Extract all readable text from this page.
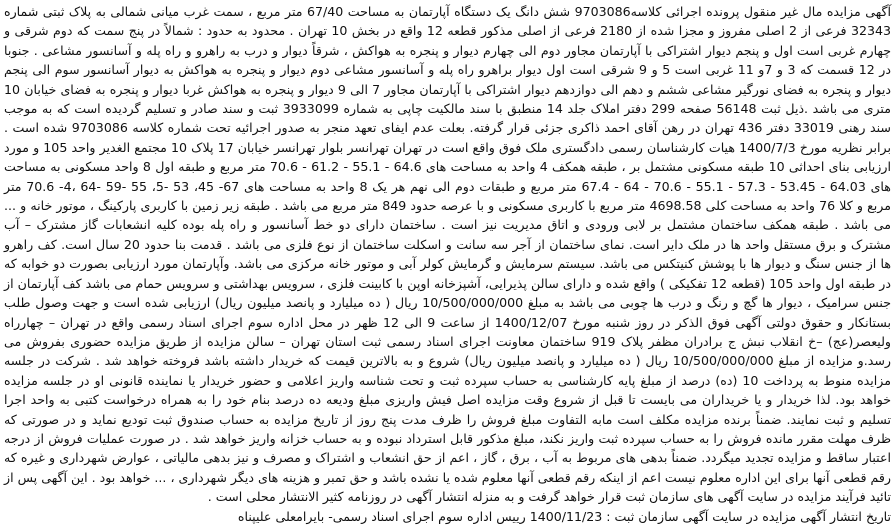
آگهی مزایده مال غیر منقول پرونده اجرائی کلاسه9703086 شش دانگ یک دستگاه آپارتمان به مساحت 67/40 متر مربع ، سمت غرب میانی شمالی به پلاک ثبتی شماره 32343 فرعی از 2 اصلی مفروز و مجزا شده از 2180 فرعی از اصلی مذکور قطعه 12 واقع در بخش 10 تهران . محدود به حدود : شمالاً در پنج سمت که دوم شرقی و چهارم غربی است اول و پنجم دیوار اشتراکی با آپارتمان مجاور دوم الی چهارم دیوار و پنجره به هواکش ، شرقاً دیوار و درب به راهرو و راه پله و آسانسور مشاعی . جنوبا در 12 قسمت که 3 و 7و 11 غربی است 5 و 9 شرقی است اول دیوار براهرو راه پله و آسانسور مشاعی دوم دیوار و پنجره به هواکش به دیوار آسانسور سوم الی پنجم دیوار و پنجره به فضای نورگیر مشاعی ششم و دهم الی دوازدهم دیوار اشتراکی با آپارتمان مجاور 7 الی 9 دیوار و پنجره به هواکش غربا دیوار و پنجره به فضای خیابان 10 متری می باشد .ذیل ثبت 56148 صفحه 299 دفتر املاک جلد 14 منطبق با سند مالکیت چاپی به شماره 3933099 ثبت و سند صادر و تسلیم گردیده است که به موجب سند رهنی 33019 دفتر 436 تهران در رهن آقای احمد ذاکری جزئی قرار گرفته. بعلت عدم ایفای تعهد منجر به صدور اجرائیه تحت شماره کلاسه 9703086 شده است . برابر نظریه مورخ 1400/7/3 هیات کارشناسان رسمی دادگستری ملک فوق واقع است در تهران تهرانسر بلوار تهرانسر خیابان 17 پلاک 10 مجتمع الغدیر واحد 105 و مورد ارزیابی بنای احداثی 10 طبقه مسکونی مشتمل بر ، طبقه همکف 4 واحد به مساحت های 64.6 - 55.1 - 61.2 - 70.6 متر مربع و طبقه اول 8 واحد مسکونی به مساحت های 64.03 - 53.45 - 57.3 - 55.1 - 70.6 - 64 - 67.4 متر مربع و طبقات دوم الی نهم هر یک 8 واحد به مساحت های 67- 45، 53 -5، 55 -59 -64 ،4- 70.6 متر مربع و کلا 76 واحد به مساحت کلی 4698.58 متر مربع با کاربری مسکونی و با عرصه حدود 849 متر مربع می باشد . طبقه زیر زمین با کاربری پارکینگ ، موتور خانه و ... می باشد . طبقه همکف ساختمان مشتمل بر لابی ورودی و اتاق مدیریت نیز است . ساختمان دارای دو خط آسانسور و راه پله بوده کلیه انشعابات گاز مشترک – آب مشترک و برق مستقل واحد ها در ملک دایر است. نمای ساختمان از آجر سه سانت و اسکلت ساختمان از نوع فلزی می باشد . قدمت بنا حدود 20 سال است. کف راهرو ها از جنس سنگ و دیوار ها با پوشش کنیتکس می باشد. سیستم سرمایش و گرمایش کولر آبی و موتور خانه مرکزی می باشد. وآپارتمان مورد ارزیابی بصورت دو خوابه که در طبقه اول واحد 105 (قطعه 12 تفکیکی ) واقع شده و دارای سالن پذیرایی، آشپزخانه اوپن با کابینت فلزی ، سرویس بهداشتی و سرویس حمام می باشد کف آپارتمان از جنس سرامیک ، دیوار ها گچ و رنگ و درب ها چوبی می باشد به مبلغ 10/500/000/000 ریال ( ده میلیارد و پانصد میلیون ریال) ارزیابی شده است و جهت وصول طلب بستانکار و حقوق دولتی آگهی فوق الذکر در روز شنبه مورخ 1400/12/07 از ساعت 9 الی 12 ظهر در محل اداره سوم اجرای اسناد رسمی واقع در تهران – چهارراه ولیعصر(عج) –خ انقلاب نبش ج برادران مظفر پلاک 919 ساختمان معاونت اجرای اسناد رسمی ثبت استان تهران – سالن مزایده از طریق مزایده حضوری بفروش می رسد.و مزایده از مبلغ 10/500/000/000 ریال ( ده میلیارد و پانصد میلیون ریال) شروع و به بالاترین قیمت که خریدار داشته باشد فروخته خواهد شد . شرکت در جلسه مزایده منوط به پرداخت 10 (ده) درصد از مبلغ پایه کارشناسی به حساب سپرده ثبت و تحت شناسه واریز اعلامی و حضور خریدار یا نماینده قانونی او در جلسه مزایده خواهد بود. لذا خریدار و یا خریداران می بایست تا قبل از شروع وقت مزایده اصل فیش واریزی مبلغ ودیعه ده درصد بنام خود را به همراه درخواست کتبی به واحد اجرا تسلیم و ثبت نمایند. ضمناً برنده مزایده مکلف است مابه التفاوت مبلغ فروش را ظرف مدت پنج روز از تاریخ مزایده به حساب صندوق ثبت تودیع نماید و در صورتی که ظرف مهلت مقرر مانده فروش را به حساب سپرده ثبت واریز نکند، مبلغ مذکور قابل استرداد نبوده و به حساب خزانه واریز خواهد شد . در صورت عملیات فروش از درجه اعتبار ساقط و مزایده تجدید میگردد. ضمناً بدهی های مربوط به آب ، برق ، گاز ، اعم از حق انشعاب و اشتراک و مصرف و نیز بدهی مالیاتی ، عوارض شهرداری و غیره که رقم قطعی آنها برای این اداره معلوم نیست اعم از اینکه رقم قطعی آنها معلوم شده یا نشده باشد و حق تمبر و هزینه های دیگر شهرداری ، ... خواهد بود . این آگهی پس از تائید فرآیند مزایده در سایت آگهی های سازمان ثبت قرار خواهد گرفت و به منزله انتشار آگهی در روزنامه کثیر الانتشار محلی است .

تاریخ انتشار آگهی مزایده در سایت آگهی سازمان ثبت : 1400/11/23 رییس اداره سوم اجرای اسناد رسمی- بایرامعلی علیپناه
